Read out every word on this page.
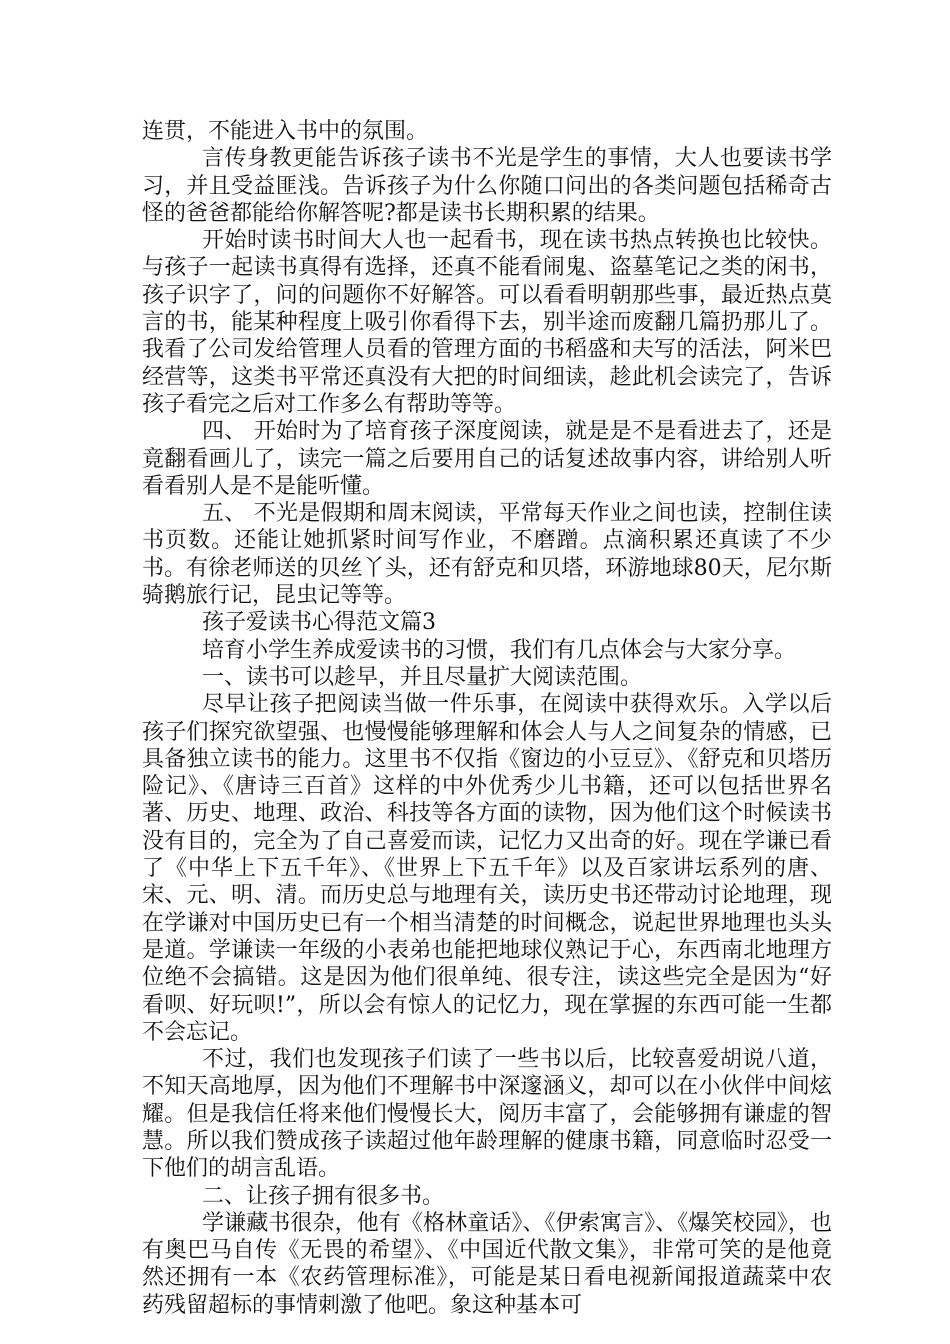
连贯，不能进入书中的氛围。

言传身教更能告诉孩子读书不光是学生的事情，大人也要读书学习，并且受益匪浅。告诉孩子为什么你随口问出的各类问题包括稀奇古怪的爸爸都能给你解答呢?都是读书长期积累的结果。

开始时读书时间大人也一起看书，现在读书热点转换也比较快。与孩子一起读书真得有选择，还真不能看闹鬼、盗墓笔记之类的闲书，孩子识字了，问的问题你不好解答。可以看看明朝那些事，最近热点莫言的书，能某种程度上吸引你看得下去，别半途而废翻几篇扔那儿了。我看了公司发给管理人员看的管理方面的书稻盛和夫写的活法，阿米巴经营等，这类书平常还真没有大把的时间细读，趁此机会读完了，告诉孩子看完之后对工作多么有帮助等等。

四、 开始时为了培育孩子深度阅读，就是是不是看进去了，还是竟翻看画儿了，读完一篇之后要用自己的话复述故事内容，讲给别人听看看别人是不是能听懂。

五、 不光是假期和周末阅读，平常每天作业之间也读，控制住读书页数。还能让她抓紧时间写作业，不磨蹭。点滴积累还真读了不少书。有徐老师送的贝丝丫头，还有舒克和贝塔，环游地球80天，尼尔斯骑鹅旅行记，昆虫记等等。

孩子爱读书心得范文篇3

培育小学生养成爱读书的习惯，我们有几点体会与大家分享。

一、读书可以趁早，并且尽量扩大阅读范围。

尽早让孩子把阅读当做一件乐事，在阅读中获得欢乐。入学以后孩子们探究欲望强、也慢慢能够理解和体会人与人之间复杂的情感，已具备独立读书的能力。这里书不仅指《窗边的小豆豆》、《舒克和贝塔历险记》、《唐诗三百首》这样的中外优秀少儿书籍，还可以包括世界名著、历史、地理、政治、科技等各方面的读物，因为他们这个时候读书没有目的，完全为了自己喜爱而读，记忆力又出奇的好。现在学谦已看了《中华上下五千年》、《世界上下五千年》以及百家讲坛系列的唐、宋、元、明、清。而历史总与地理有关，读历史书还带动讨论地理，现在学谦对中国历史已有一个相当清楚的时间概念，说起世界地理也头头是道。学谦读一年级的小表弟也能把地球仪熟记于心，东西南北地理方位绝不会搞错。这是因为他们很单纯、很专注，读这些完全是因为“好看呗、好玩呗!”，所以会有惊人的记忆力，现在掌握的东西可能一生都不会忘记。

不过，我们也发现孩子们读了一些书以后，比较喜爱胡说八道，不知天高地厚，因为他们不理解书中深邃涵义，却可以在小伙伴中间炫耀。但是我信任将来他们慢慢长大，阅历丰富了，会能够拥有谦虚的智慧。所以我们赞成孩子读超过他年龄理解的健康书籍，同意临时忍受一下他们的胡言乱语。

二、让孩子拥有很多书。

学谦藏书很杂，他有《格林童话》、《伊索寓言》、《爆笑校园》，也有奥巴马自传《无畏的希望》、《中国近代散文集》，非常可笑的是他竟然还拥有一本《农药管理标准》，可能是某日看电视新闻报道蔬菜中农药残留超标的事情刺激了他吧。象这种基本可
